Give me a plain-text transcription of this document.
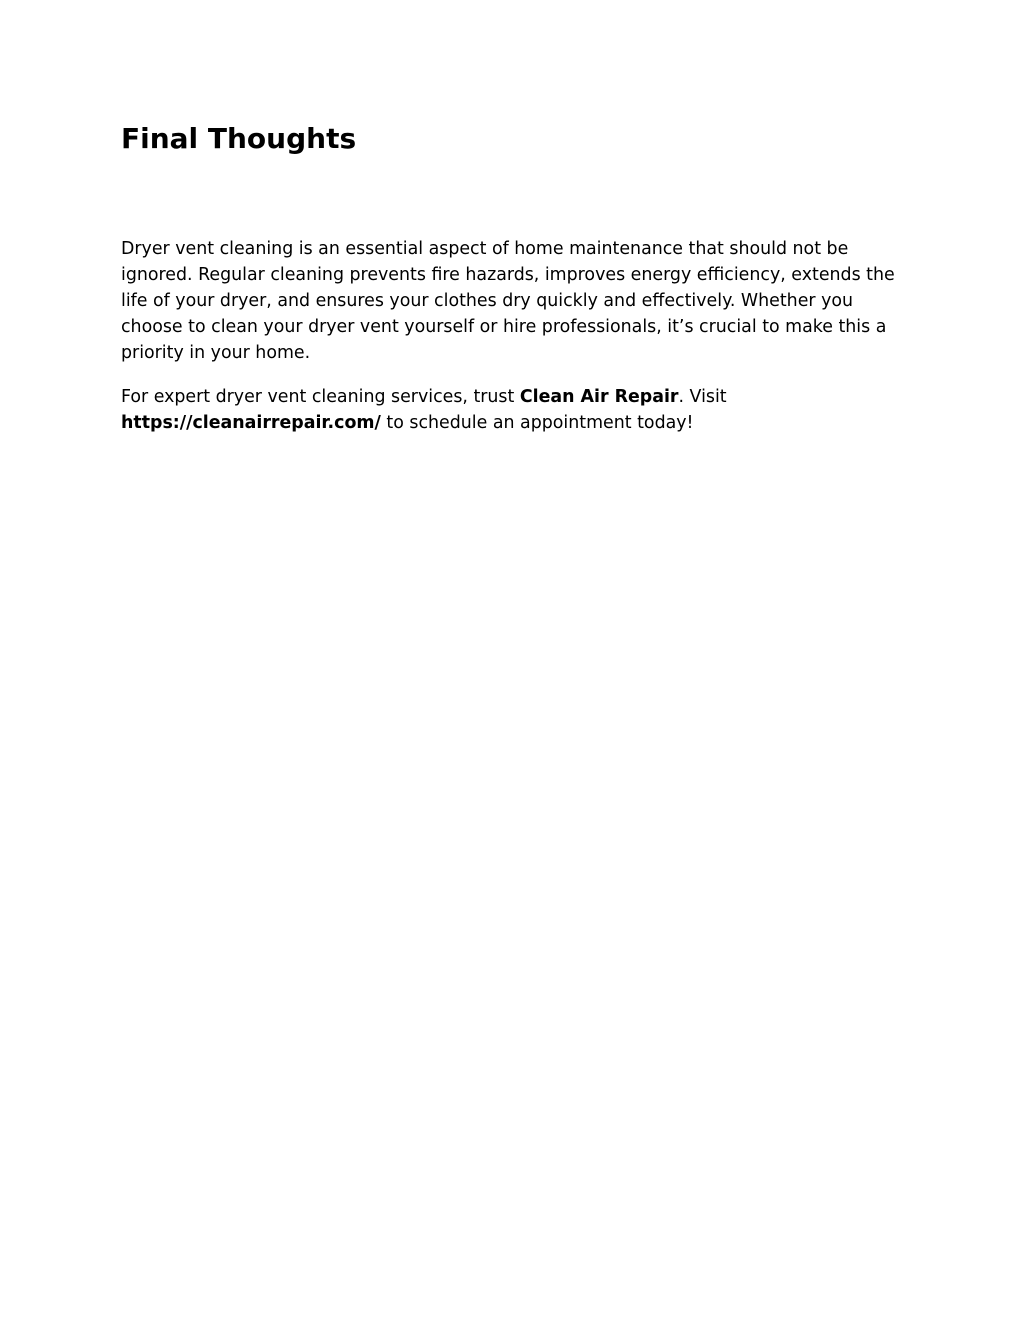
Final Thoughts

Dryer vent cleaning is an essential aspect of home maintenance that should not be ignored. Regular cleaning prevents fire hazards, improves energy efficiency, extends the life of your dryer, and ensures your clothes dry quickly and effectively. Whether you choose to clean your dryer vent yourself or hire professionals, it’s crucial to make this a priority in your home.

For expert dryer vent cleaning services, trust Clean Air Repair. Visit
https://cleanairrepair.com/ to schedule an appointment today!
